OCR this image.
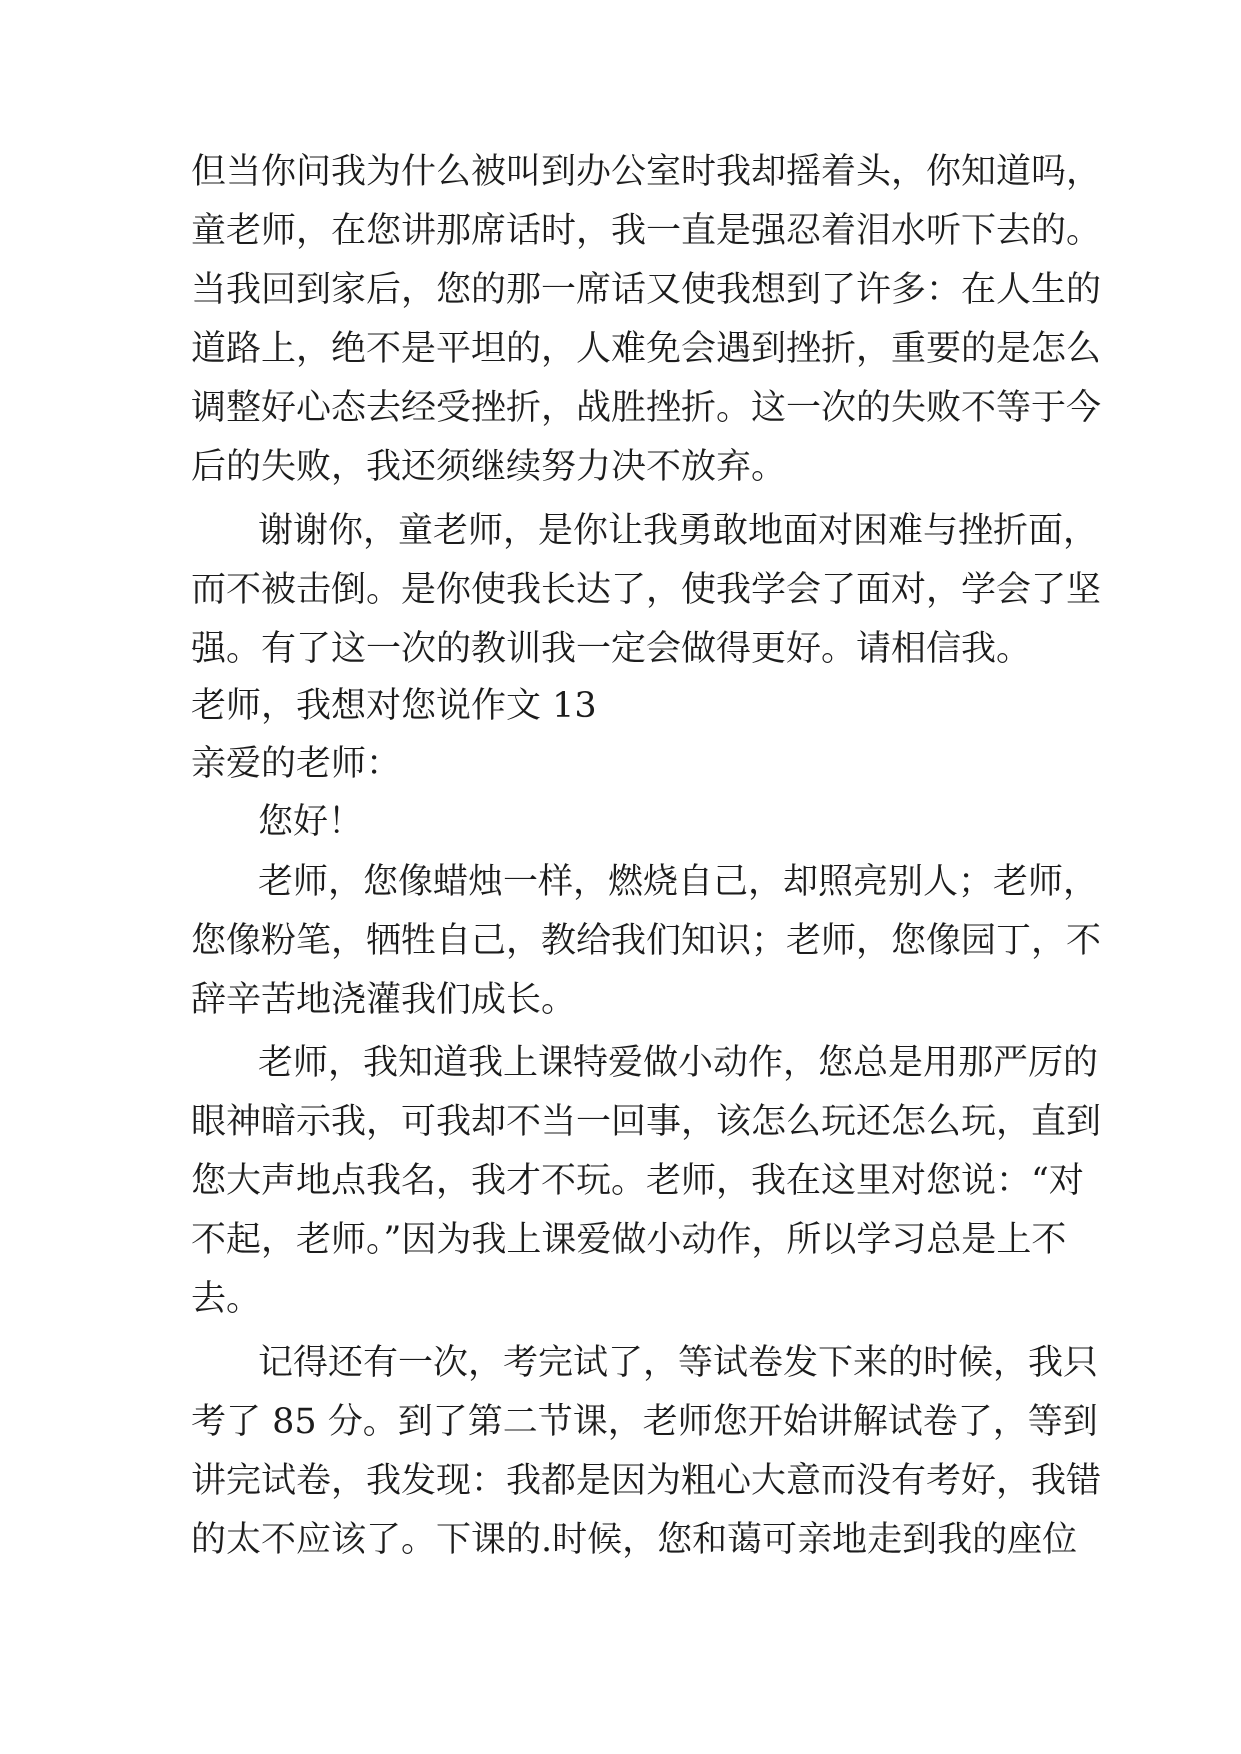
但当你问我为什么被叫到办公室时我却摇着头，你知道吗，
童老师，在您讲那席话时，我一直是强忍着泪水听下去的。
当我回到家后，您的那一席话又使我想到了许多：在人生的
道路上，绝不是平坦的，人难免会遇到挫折，重要的是怎么
调整好心态去经受挫折，战胜挫折。这一次的失败不等于今
后的失败，我还须继续努力决不放弃。
谢谢你，童老师，是你让我勇敢地面对困难与挫折面，
而不被击倒。是你使我长达了，使我学会了面对，学会了坚
强。有了这一次的教训我一定会做得更好。请相信我。
老师，我想对您说作文 13
亲爱的老师：
您好！
老师，您像蜡烛一样，燃烧自己，却照亮别人；老师，
您像粉笔，牺牲自己，教给我们知识；老师，您像园丁，不
辞辛苦地浇灌我们成长。
老师，我知道我上课特爱做小动作，您总是用那严厉的
眼神暗示我，可我却不当一回事，该怎么玩还怎么玩，直到
您大声地点我名，我才不玩。老师，我在这里对您说：“对
不起，老师。”因为我上课爱做小动作，所以学习总是上不
去。
记得还有一次，考完试了，等试卷发下来的时候，我只
考了 85 分。到了第二节课，老师您开始讲解试卷了，等到
讲完试卷，我发现：我都是因为粗心大意而没有考好，我错
的太不应该了。下课的.时候，您和蔼可亲地走到我的座位
